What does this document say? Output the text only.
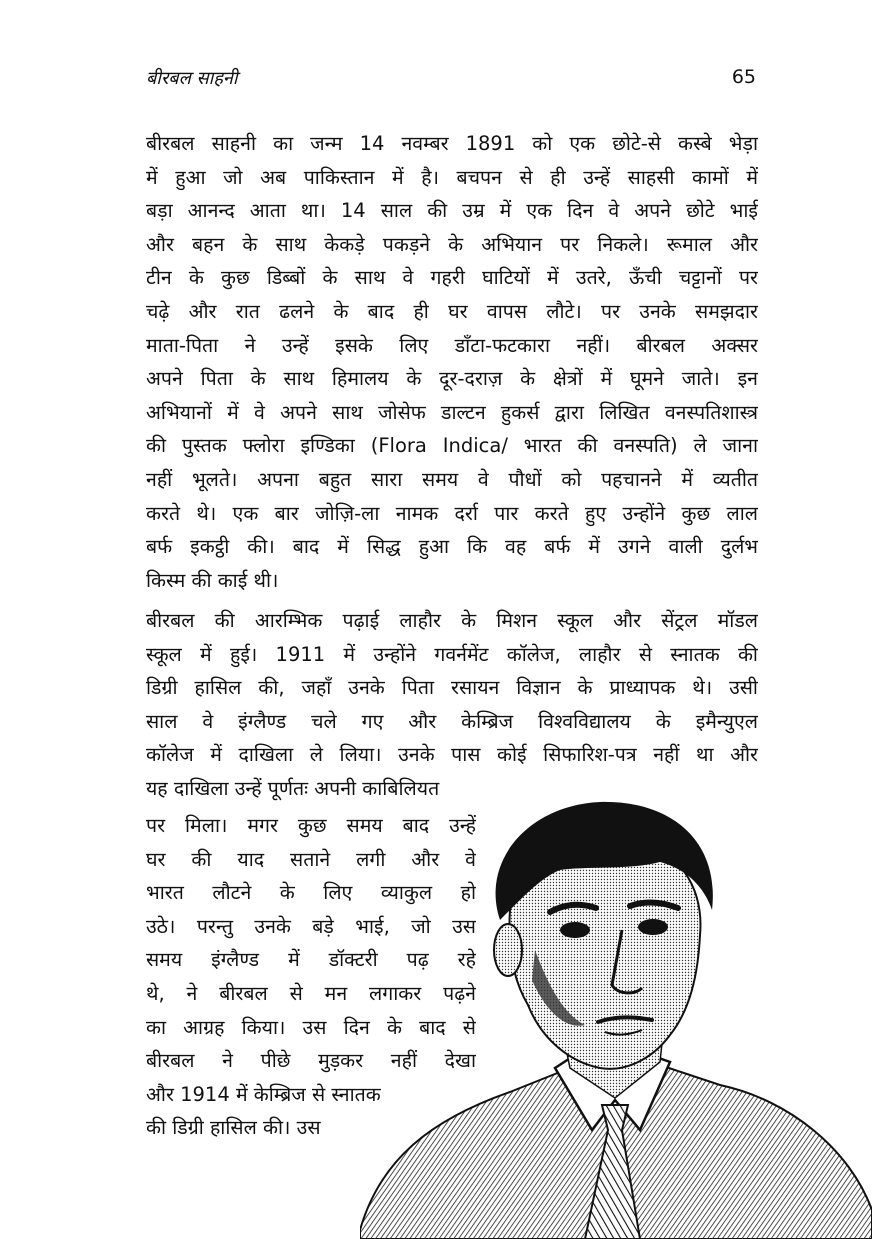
बीरबल साहनी	65
बीरबल साहनी का जन्म 14 नवम्बर 1891 को एक छोटे-से कस्बे भेड़ा
में हुआ जो अब पाकिस्तान में है। बचपन से ही उन्हें साहसी कामों में
बड़ा आनन्द आता था। 14 साल की उम्र में एक दिन वे अपने छोटे भाई
और बहन के साथ केकड़े पकड़ने के अभियान पर निकले। रूमाल और
टीन के कुछ डिब्बों के साथ वे गहरी घाटियों में उतरे, ऊँची चट्टानों पर
चढ़े और रात ढलने के बाद ही घर वापस लौटे। पर उनके समझदार
माता-पिता ने उन्हें इसके लिए डाँटा-फटकारा नहीं। बीरबल अक्सर
अपने पिता के साथ हिमालय के दूर-दराज़ के क्षेत्रों में घूमने जाते। इन
अभियानों में वे अपने साथ जोसेफ डाल्टन हुकर्स द्वारा लिखित वनस्पतिशास्त्र
की पुस्तक फ्लोरा इण्डिका (Flora Indica/ भारत की वनस्पति) ले जाना
नहीं भूलते। अपना बहुत सारा समय वे पौधों को पहचानने में व्यतीत
करते थे। एक बार जोज़ि-ला नामक दर्रा पार करते हुए उन्होंने कुछ लाल
बर्फ इकट्ठी की। बाद में सिद्ध हुआ कि वह बर्फ में उगने वाली दुर्लभ
किस्म की काई थी।
बीरबल की आरम्भिक पढ़ाई लाहौर के मिशन स्कूल और सेंट्रल मॉडल
स्कूल में हुई। 1911 में उन्होंने गवर्नमेंट कॉलेज, लाहौर से स्नातक की
डिग्री हासिल की, जहाँ उनके पिता रसायन विज्ञान के प्राध्यापक थे। उसी
साल वे इंग्लैण्ड चले गए और केम्ब्रिज विश्वविद्यालय के इमैन्युएल
कॉलेज में दाखिला ले लिया। उनके पास कोई सिफारिश-पत्र नहीं था और
यह दाखिला उन्हें पूर्णतः अपनी काबिलियत
पर मिला। मगर कुछ समय बाद उन्हें
घर की याद सताने लगी और वे
भारत लौटने के लिए व्याकुल हो
उठे। परन्तु उनके बड़े भाई, जो उस
समय इंग्लैण्ड में डॉक्टरी पढ़ रहे
थे, ने बीरबल से मन लगाकर पढ़ने
का आग्रह किया। उस दिन के बाद से
बीरबल ने पीछे मुड़कर नहीं देखा
और 1914 में केम्ब्रिज से स्नातक
की डिग्री हासिल की। उस
